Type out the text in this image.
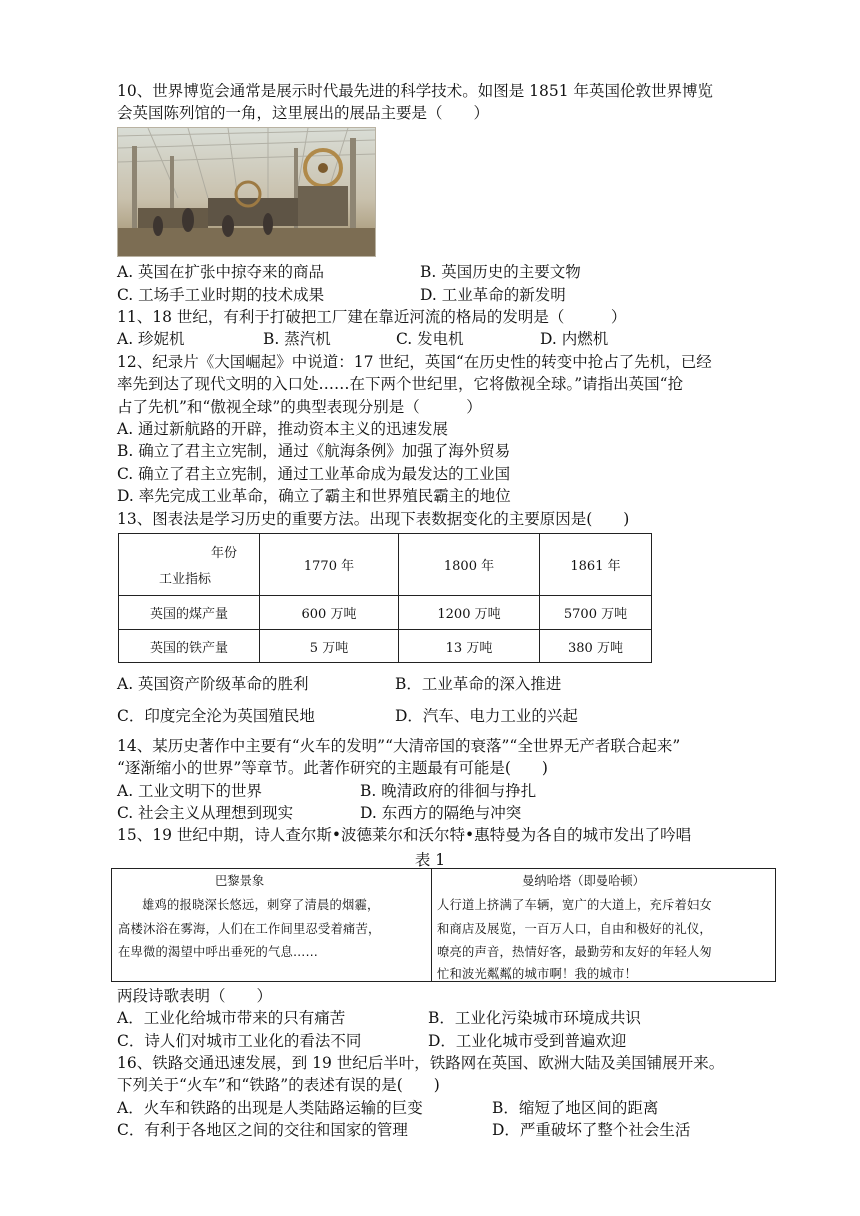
10、世界博览会通常是展示时代最先进的科学技术。如图是 1851 年英国伦敦世界博览
会英国陈列馆的一角，这里展出的展品主要是（　　）
A. 英国在扩张中掠夺来的商品	B. 英国历史的主要文物
C. 工场手工业时期的技术成果	D. 工业革命的新发明
11、18 世纪，有利于打破把工厂建在靠近河流的格局的发明是（　　　）
A. 珍妮机	B. 蒸汽机	C. 发电机	D. 内燃机
12、纪录片《大国崛起》中说道：17 世纪，英国“在历史性的转变中抢占了先机，已经
率先到达了现代文明的入口处……在下两个世纪里，它将傲视全球。”请指出英国“抢
占了先机”和“傲视全球”的典型表现分别是（　　　）
A. 通过新航路的开辟，推动资本主义的迅速发展
B. 确立了君主立宪制，通过《航海条例》加强了海外贸易
C. 确立了君主立宪制，通过工业革命成为最发达的工业国
D. 率先完成工业革命，确立了霸主和世界殖民霸主的地位
13、图表法是学习历史的重要方法。出现下表数据变化的主要原因是(　　)
年份
工业指标	1770 年	1800 年	1861 年
英国的煤产量	600 万吨	1200 万吨	5700 万吨
英国的铁产量	5 万吨	13 万吨	380 万吨
A. 英国资产阶级革命的胜利	B．工业革命的深入推进
C．印度完全沦为英国殖民地	D．汽车、电力工业的兴起
14、某历史著作中主要有“火车的发明”“大清帝国的衰落”“全世界无产者联合起来”
“逐渐缩小的世界”等章节。此著作研究的主题最有可能是(　　)
A. 工业文明下的世界	B. 晚清政府的徘徊与挣扎
C. 社会主义从理想到现实	D. 东西方的隔绝与冲突
15、19 世纪中期，诗人查尔斯•波德莱尔和沃尔特•惠特曼为各自的城市发出了吟唱
表 1
巴黎景象
雄鸡的报晓深长悠远，刺穿了清晨的烟霾，
高楼沐浴在雾海，人们在工作间里忍受着痛苦，
在卑微的渴望中呼出垂死的气息……
曼纳哈塔（即曼哈顿）
人行道上挤满了车辆，宽广的大道上，充斥着妇女
和商店及展览，一百万人口，自由和极好的礼仪，
嘹亮的声音，热情好客，最勤劳和友好的年轻人匆
忙和波光粼粼的城市啊！我的城市！
两段诗歌表明（　　）
A．工业化给城市带来的只有痛苦	B．工业化污染城市环境成共识
C．诗人们对城市工业化的看法不同	D．工业化城市受到普遍欢迎
16、铁路交通迅速发展，到 19 世纪后半叶，铁路网在英国、欧洲大陆及美国铺展开来。
下列关于“火车”和“铁路”的表述有误的是(　　)
A．火车和铁路的出现是人类陆路运输的巨变	B．缩短了地区间的距离
C．有利于各地区之间的交往和国家的管理	D．严重破坏了整个社会生活
